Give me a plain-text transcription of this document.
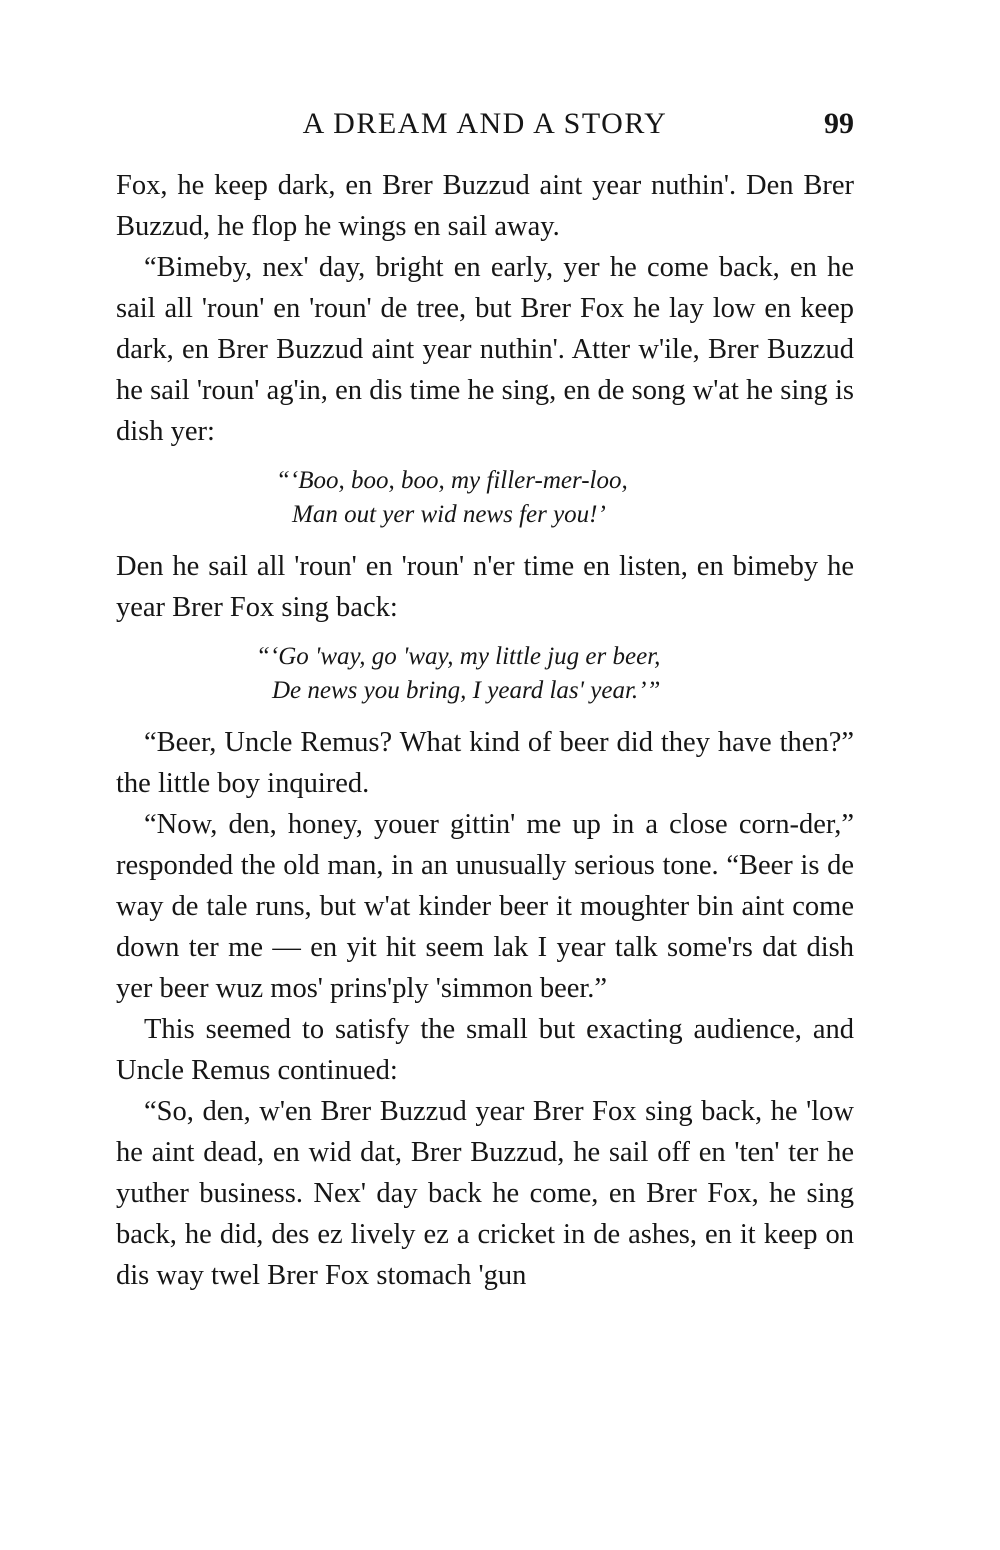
A DREAM AND A STORY	99

Fox, he keep dark, en Brer Buzzud aint year nuthin'. Den Brer Buzzud, he flop he wings en sail away.

“Bimeby, nex' day, bright en early, yer he come back, en he sail all 'roun' en 'roun' de tree, but Brer Fox he lay low en keep dark, en Brer Buzzud aint year nuthin'. Atter w'ile, Brer Buzzud he sail 'roun' ag'in, en dis time he sing, en de song w'at he sing is dish yer:

“‘Boo, boo, boo, my filler-mer-loo,
Man out yer wid news fer you!’

Den he sail all 'roun' en 'roun' n'er time en listen, en bimeby he year Brer Fox sing back:

“‘Go 'way, go 'way, my little jug er beer,
De news you bring, I yeard las' year.’”

“Beer, Uncle Remus? What kind of beer did they have then?” the little boy inquired.

“Now, den, honey, youer gittin' me up in a close corn-der,” responded the old man, in an unusually serious tone. “Beer is de way de tale runs, but w'at kinder beer it moughter bin aint come down ter me — en yit hit seem lak I year talk some'rs dat dish yer beer wuz mos' prins'ply 'simmon beer.”

This seemed to satisfy the small but exacting audience, and Uncle Remus continued:

“So, den, w'en Brer Buzzud year Brer Fox sing back, he 'low he aint dead, en wid dat, Brer Buzzud, he sail off en 'ten' ter he yuther business. Nex' day back he come, en Brer Fox, he sing back, he did, des ez lively ez a cricket in de ashes, en it keep on dis way twel Brer Fox stomach 'gun
